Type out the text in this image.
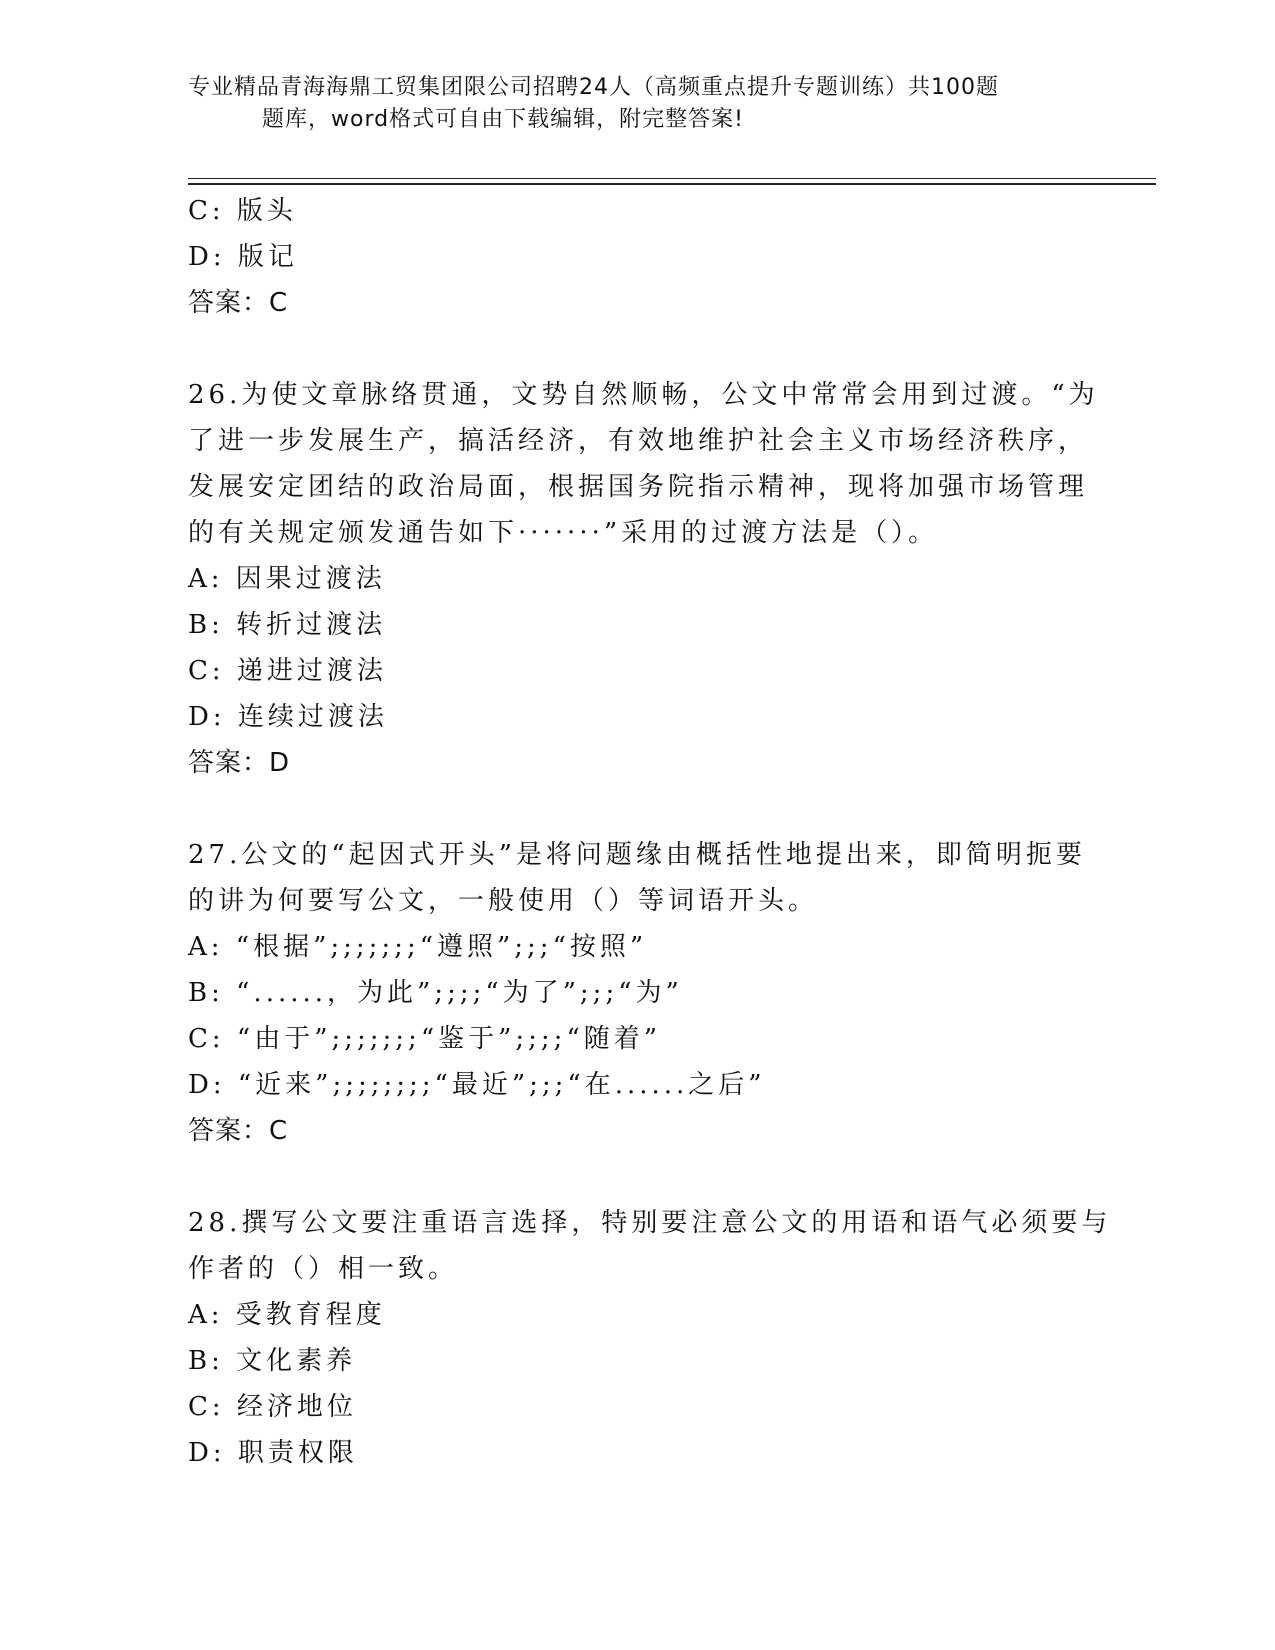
专业精品青海海鼎工贸集团限公司招聘24人（高频重点提升专题训练）共100题
题库，word格式可自由下载编辑，附完整答案!
C: 版头
D: 版记
答案：C
26.为使文章脉络贯通，文势自然顺畅，公文中常常会用到过渡。“为
了进一步发展生产，搞活经济，有效地维护社会主义市场经济秩序，
发展安定团结的政治局面，根据国务院指示精神，现将加强市场管理
的有关规定颁发通告如下·······”采用的过渡方法是（）。
A: 因果过渡法
B: 转折过渡法
C: 递进过渡法
D: 连续过渡法
答案：D
27.公文的“起因式开头”是将问题缘由概括性地提出来，即简明扼要
的讲为何要写公文，一般使用（）等词语开头。
A: “根据”;;;;;;;“遵照”;;;“按照”
B: “......，为此”;;;;“为了”;;;“为”
C: “由于”;;;;;;;“鉴于”;;;;“随着”
D: “近来”;;;;;;;;“最近”;;;“在......之后”
答案：C
28.撰写公文要注重语言选择，特别要注意公文的用语和语气必须要与
作者的（）相一致。
A: 受教育程度
B: 文化素养
C: 经济地位
D: 职责权限
